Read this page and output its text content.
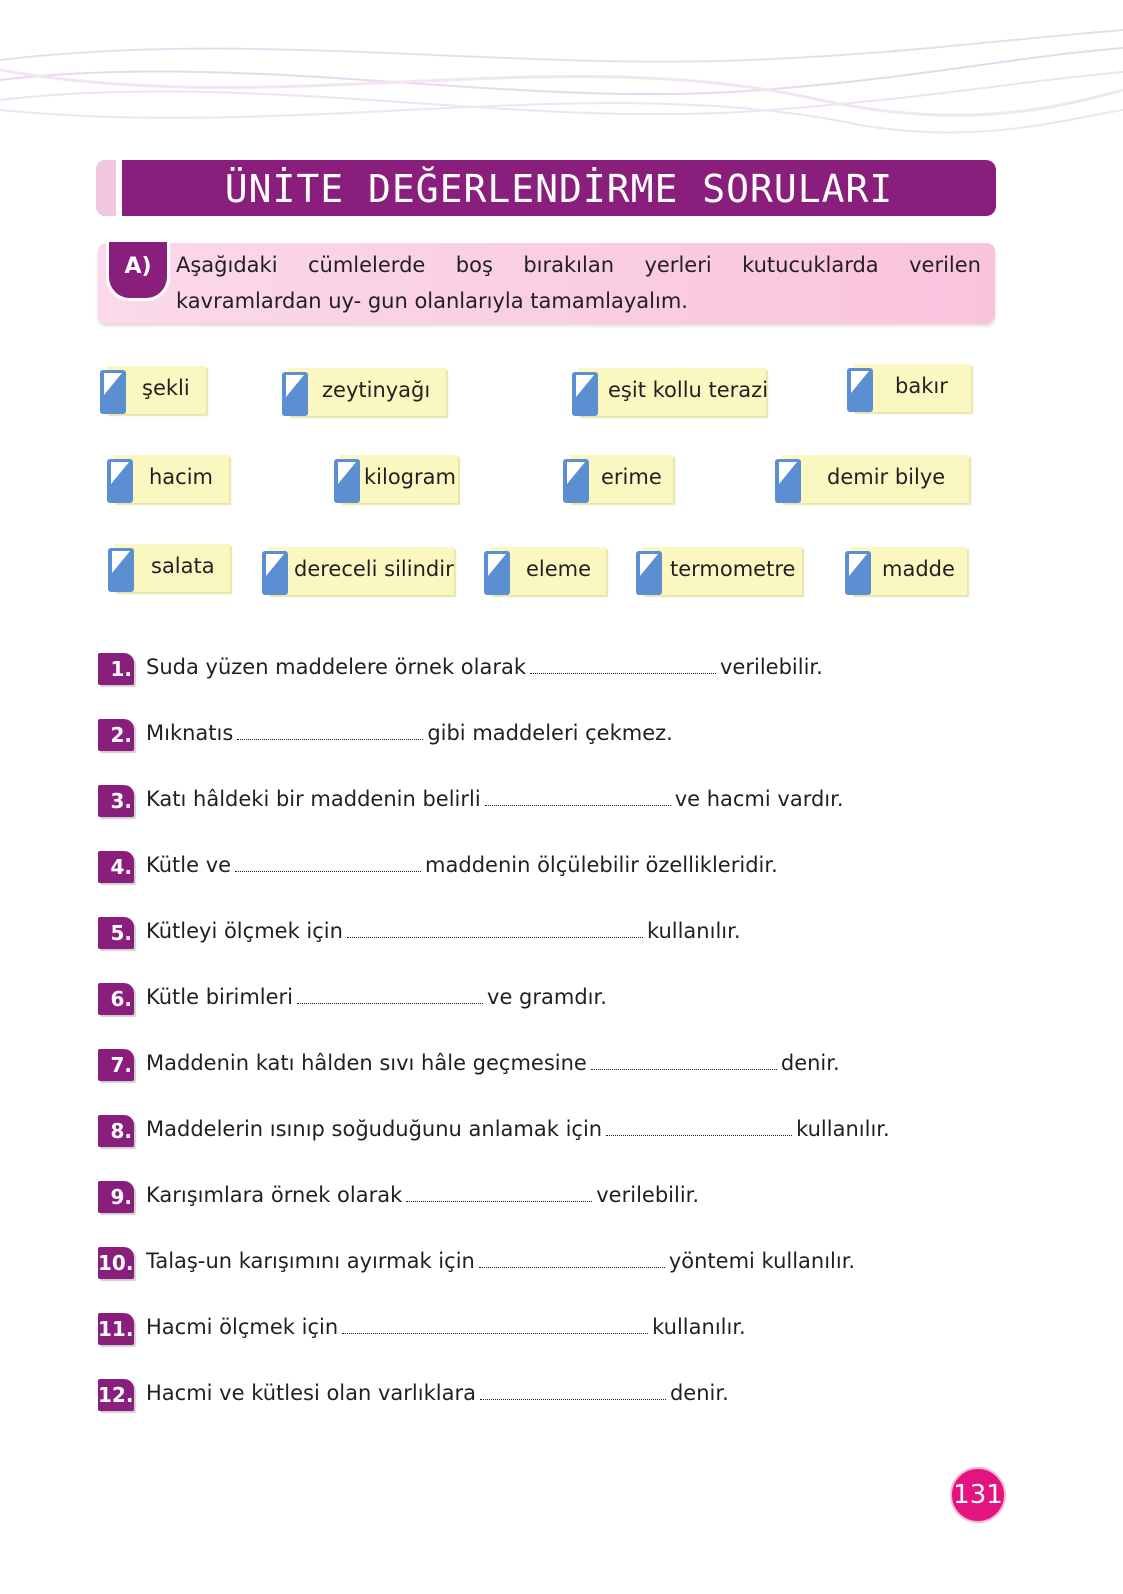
ÜNİTE DEĞERLENDİRME SORULARI
A)	Aşağıdaki cümlelerde boş bırakılan yerleri kutucuklarda verilen kavramlardan uy- gun olanlarıyla tamamlayalım.
şekli	zeytinyağı	eşit kollu terazi	bakır
hacim	kilogram	erime	demir bilye
salata	dereceli silindir	eleme	termometre	madde
1. Suda yüzen maddelere örnek olarak	verilebilir.
2. Mıknatıs	gibi maddeleri çekmez.
3. Katı hâldeki bir maddenin belirli	ve hacmi vardır.
4. Kütle ve	maddenin ölçülebilir özellikleridir.
5. Kütleyi ölçmek için	kullanılır.
6. Kütle birimleri	ve gramdır.
7. Maddenin katı hâlden sıvı hâle geçmesine	denir.
8. Maddelerin ısınıp soğuduğunu anlamak için	kullanılır.
9. Karışımlara örnek olarak	verilebilir.
10. Talaş-un karışımını ayırmak için	yöntemi kullanılır.
11. Hacmi ölçmek için	kullanılır.
12. Hacmi ve kütlesi olan varlıklara	denir.
131
